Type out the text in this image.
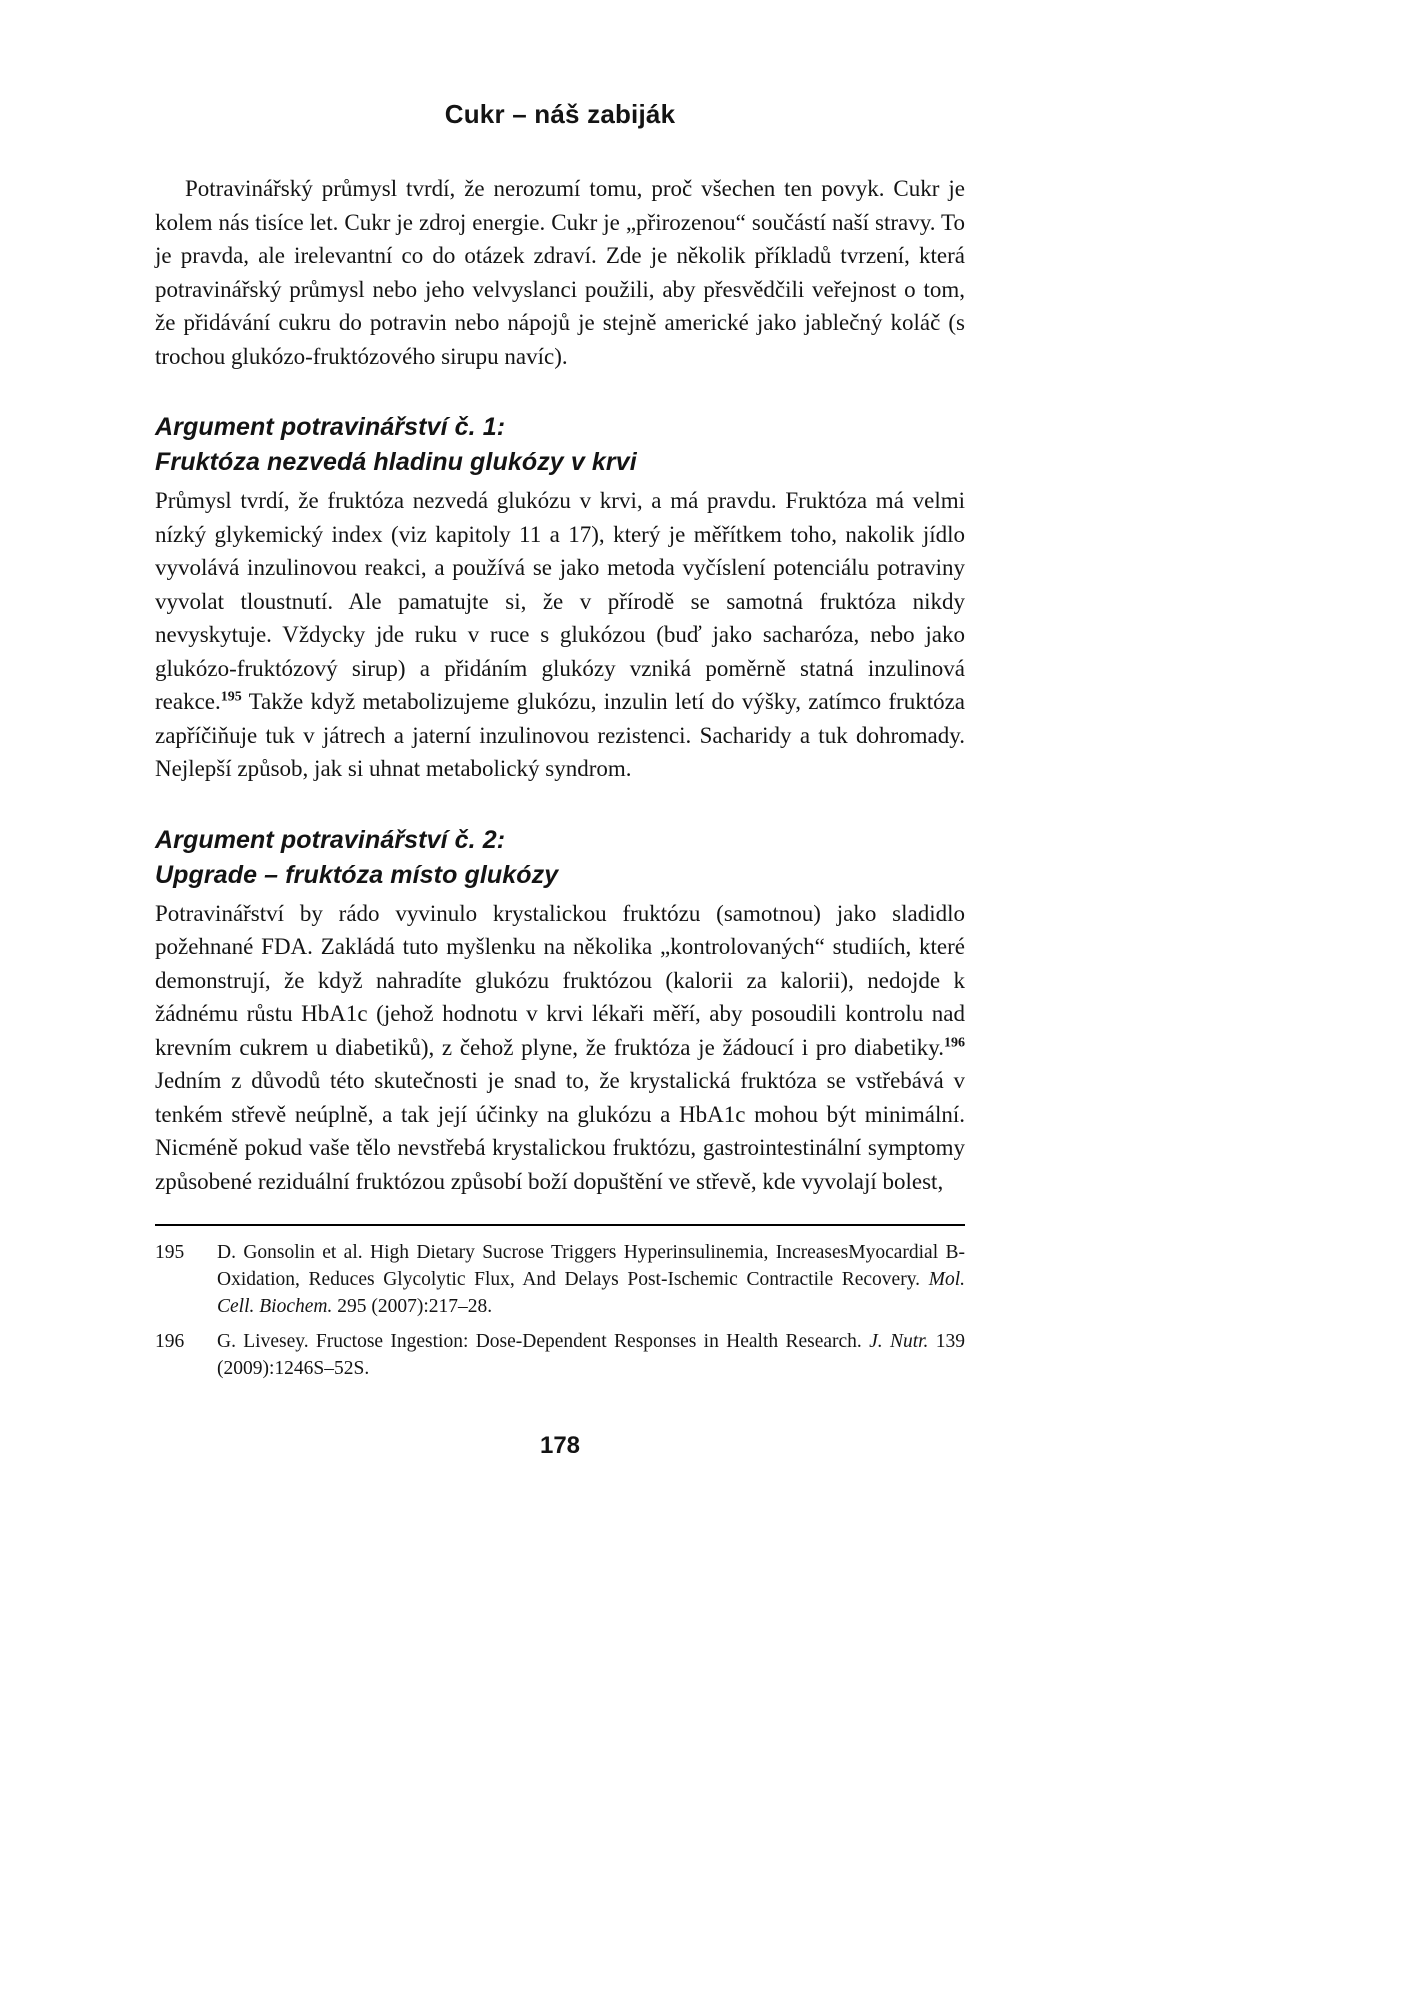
Cukr – náš zabiják

Potravinářský průmysl tvrdí, že nerozumí tomu, proč všechen ten povyk. Cukr je kolem nás tisíce let. Cukr je zdroj energie. Cukr je „přirozenou“ součástí naší stravy. To je pravda, ale irelevantní co do otázek zdraví. Zde je několik příkladů tvrzení, která potravinářský průmysl nebo jeho velvyslanci použili, aby přesvědčili veřejnost o tom, že přidávání cukru do potravin nebo nápojů je stejně americké jako jablečný koláč (s trochou glukózo-fruktózového sirupu navíc).

Argument potravinářství č. 1:
Fruktóza nezvedá hladinu glukózy v krvi

Průmysl tvrdí, že fruktóza nezvedá glukózu v krvi, a má pravdu. Fruktóza má velmi nízký glykemický index (viz kapitoly 11 a 17), který je měřítkem toho, nakolik jídlo vyvolává inzulinovou reakci, a používá se jako metoda vyčíslení potenciálu potraviny vyvolat tloustnutí. Ale pamatujte si, že v přírodě se samotná fruktóza nikdy nevyskytuje. Vždycky jde ruku v ruce s glukózou (buď jako sacharóza, nebo jako glukózo-fruktózový sirup) a přidáním glukózy vzniká poměrně statná inzulinová reakce.$^{195}$ Takže když metabolizujeme glukózu, inzulin letí do výšky, zatímco fruktóza zapříčiňuje tuk v játrech a jaterní inzulinovou rezistenci. Sacharidy a tuk dohromady. Nejlepší způsob, jak si uhnat metabolický syndrom.

Argument potravinářství č. 2:
Upgrade – fruktóza místo glukózy

Potravinářství by rádo vyvinulo krystalickou fruktózu (samotnou) jako sladidlo požehnané FDA. Zakládá tuto myšlenku na několika „kontrolovaných“ studiích, které demonstrují, že když nahradíte glukózu fruktózou (kalorii za kalorii), nedojde k žádnému růstu HbA1c (jehož hodnotu v krvi lékaři měří, aby posoudili kontrolu nad krevním cukrem u diabetiků), z čehož plyne, že fruktóza je žádoucí i pro diabetiky.$^{196}$ Jedním z důvodů této skutečnosti je snad to, že krystalická fruktóza se vstřebává v tenkém střevě neúplně, a tak její účinky na glukózu a HbA1c mohou být minimální. Nicméně pokud vaše tělo nevstřebá krystalickou fruktózu, gastrointestinální symptomy způsobené reziduální fruktózou způsobí boží dopuštění ve střevě, kde vyvolají bolest,

195	D. Gonsolin et al. High Dietary Sucrose Triggers Hyperinsulinemia, IncreasesMyocardial B-Oxidation, Reduces Glycolytic Flux, And Delays Post-Ischemic Contractile Recovery. Mol. Cell. Biochem. 295 (2007):217–28.
196	G. Livesey. Fructose Ingestion: Dose-Dependent Responses in Health Research. J. Nutr. 139 (2009):1246S–52S.
178
